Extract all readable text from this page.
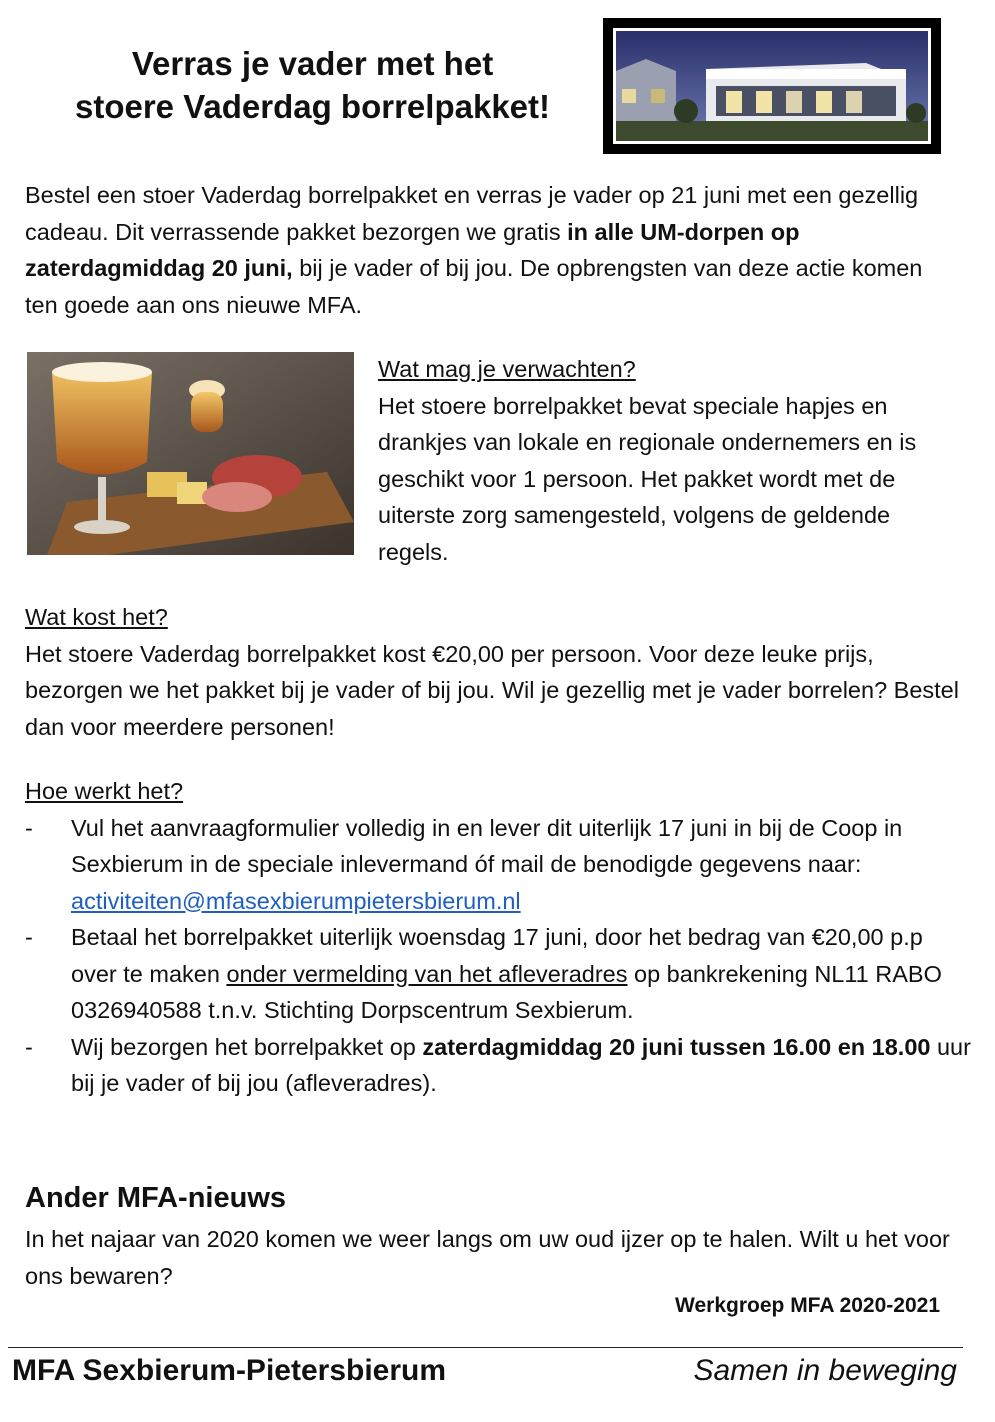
Verras je vader met het
stoere Vaderdag borrelpakket!

Bestel een stoer Vaderdag borrelpakket en verras je vader op 21 juni met een gezellig cadeau. Dit verrassende pakket bezorgen we gratis in alle UM-dorpen op zaterdagmiddag 20 juni, bij je vader of bij jou. De opbrengsten van deze actie komen ten goede aan ons nieuwe MFA.

Wat mag je verwachten?

Het stoere borrelpakket bevat speciale hapjes en drankjes van lokale en regionale ondernemers en is geschikt voor 1 persoon. Het pakket wordt met de uiterste zorg samengesteld, volgens de geldende regels.

Wat kost het?

Het stoere Vaderdag borrelpakket kost €20,00 per persoon. Voor deze leuke prijs, bezorgen we het pakket bij je vader of bij jou. Wil je gezellig met je vader borrelen? Bestel dan voor meerdere personen!

Hoe werkt het?

- Vul het aanvraagformulier volledig in en lever dit uiterlijk 17 juni in bij de Coop in Sexbierum in de speciale inlevermand óf mail de benodigde gegevens naar: activiteiten@mfasexbierumpietersbierum.nl
- Betaal het borrelpakket uiterlijk woensdag 17 juni, door het bedrag van €20,00 p.p over te maken onder vermelding van het afleveradres op bankrekening NL11 RABO 0326940588 t.n.v. Stichting Dorpscentrum Sexbierum.
- Wij bezorgen het borrelpakket op zaterdagmiddag 20 juni tussen 16.00 en 18.00 uur bij je vader of bij jou (afleveradres).
Ander MFA-nieuws

In het najaar van 2020 komen we weer langs om uw oud ijzer op te halen. Wilt u het voor ons bewaren?

Werkgroep MFA 2020-2021
MFA Sexbierum-Pietersbierum	Samen in beweging
